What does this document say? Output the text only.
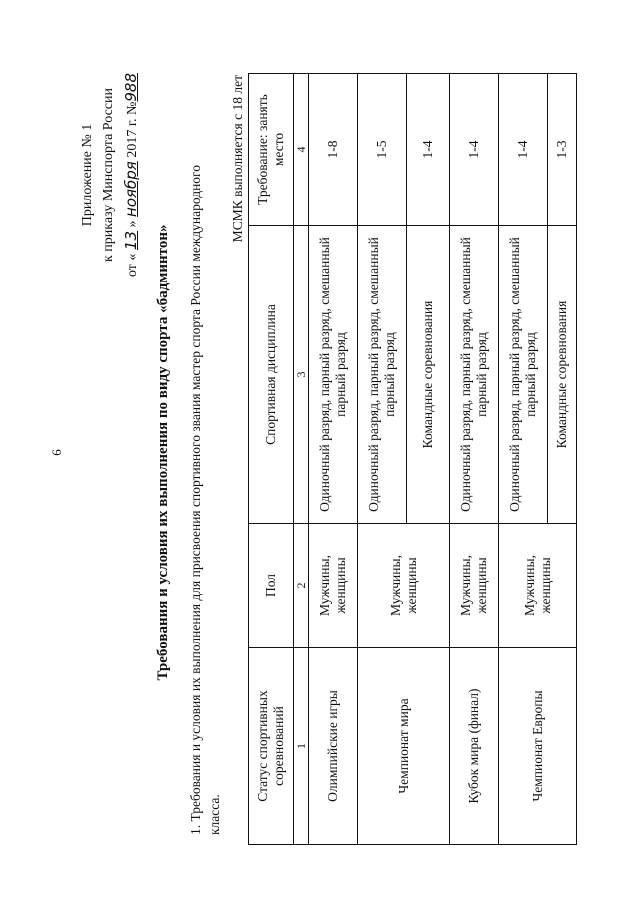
6
Приложение № 1 к приказу Минспорта России
от « 13 » ноября 2017 г. №988
Требования и условия их выполнения по виду спорта «бадминтон» 1. Требования и условия их выполнения для присвоения спортивного звания мастер спорта России международного класса.
МСМК выполняется с 18 лет
Статус спортивных соревнований	Пол	Спортивная дисциплина	Требование: занять место
1	2	3	4
Олимпийские игры	Мужчины, женщины	Одиночный разряд, парный разряд, смешанный парный разряд	1-8
Чемпионат мира	Мужчины, женщины	Одиночный разряд, парный разряд, смешанный парный разряд	1-5
		Командные соревнования	1-4
Кубок мира (финал)	Мужчины, женщины	Одиночный разряд, парный разряд, смешанный парный разряд	1-4
Чемпионат Европы	Мужчины, женщины	Одиночный разряд, парный разряд, смешанный парный разряд	1-4
		Командные соревнования	1-3
